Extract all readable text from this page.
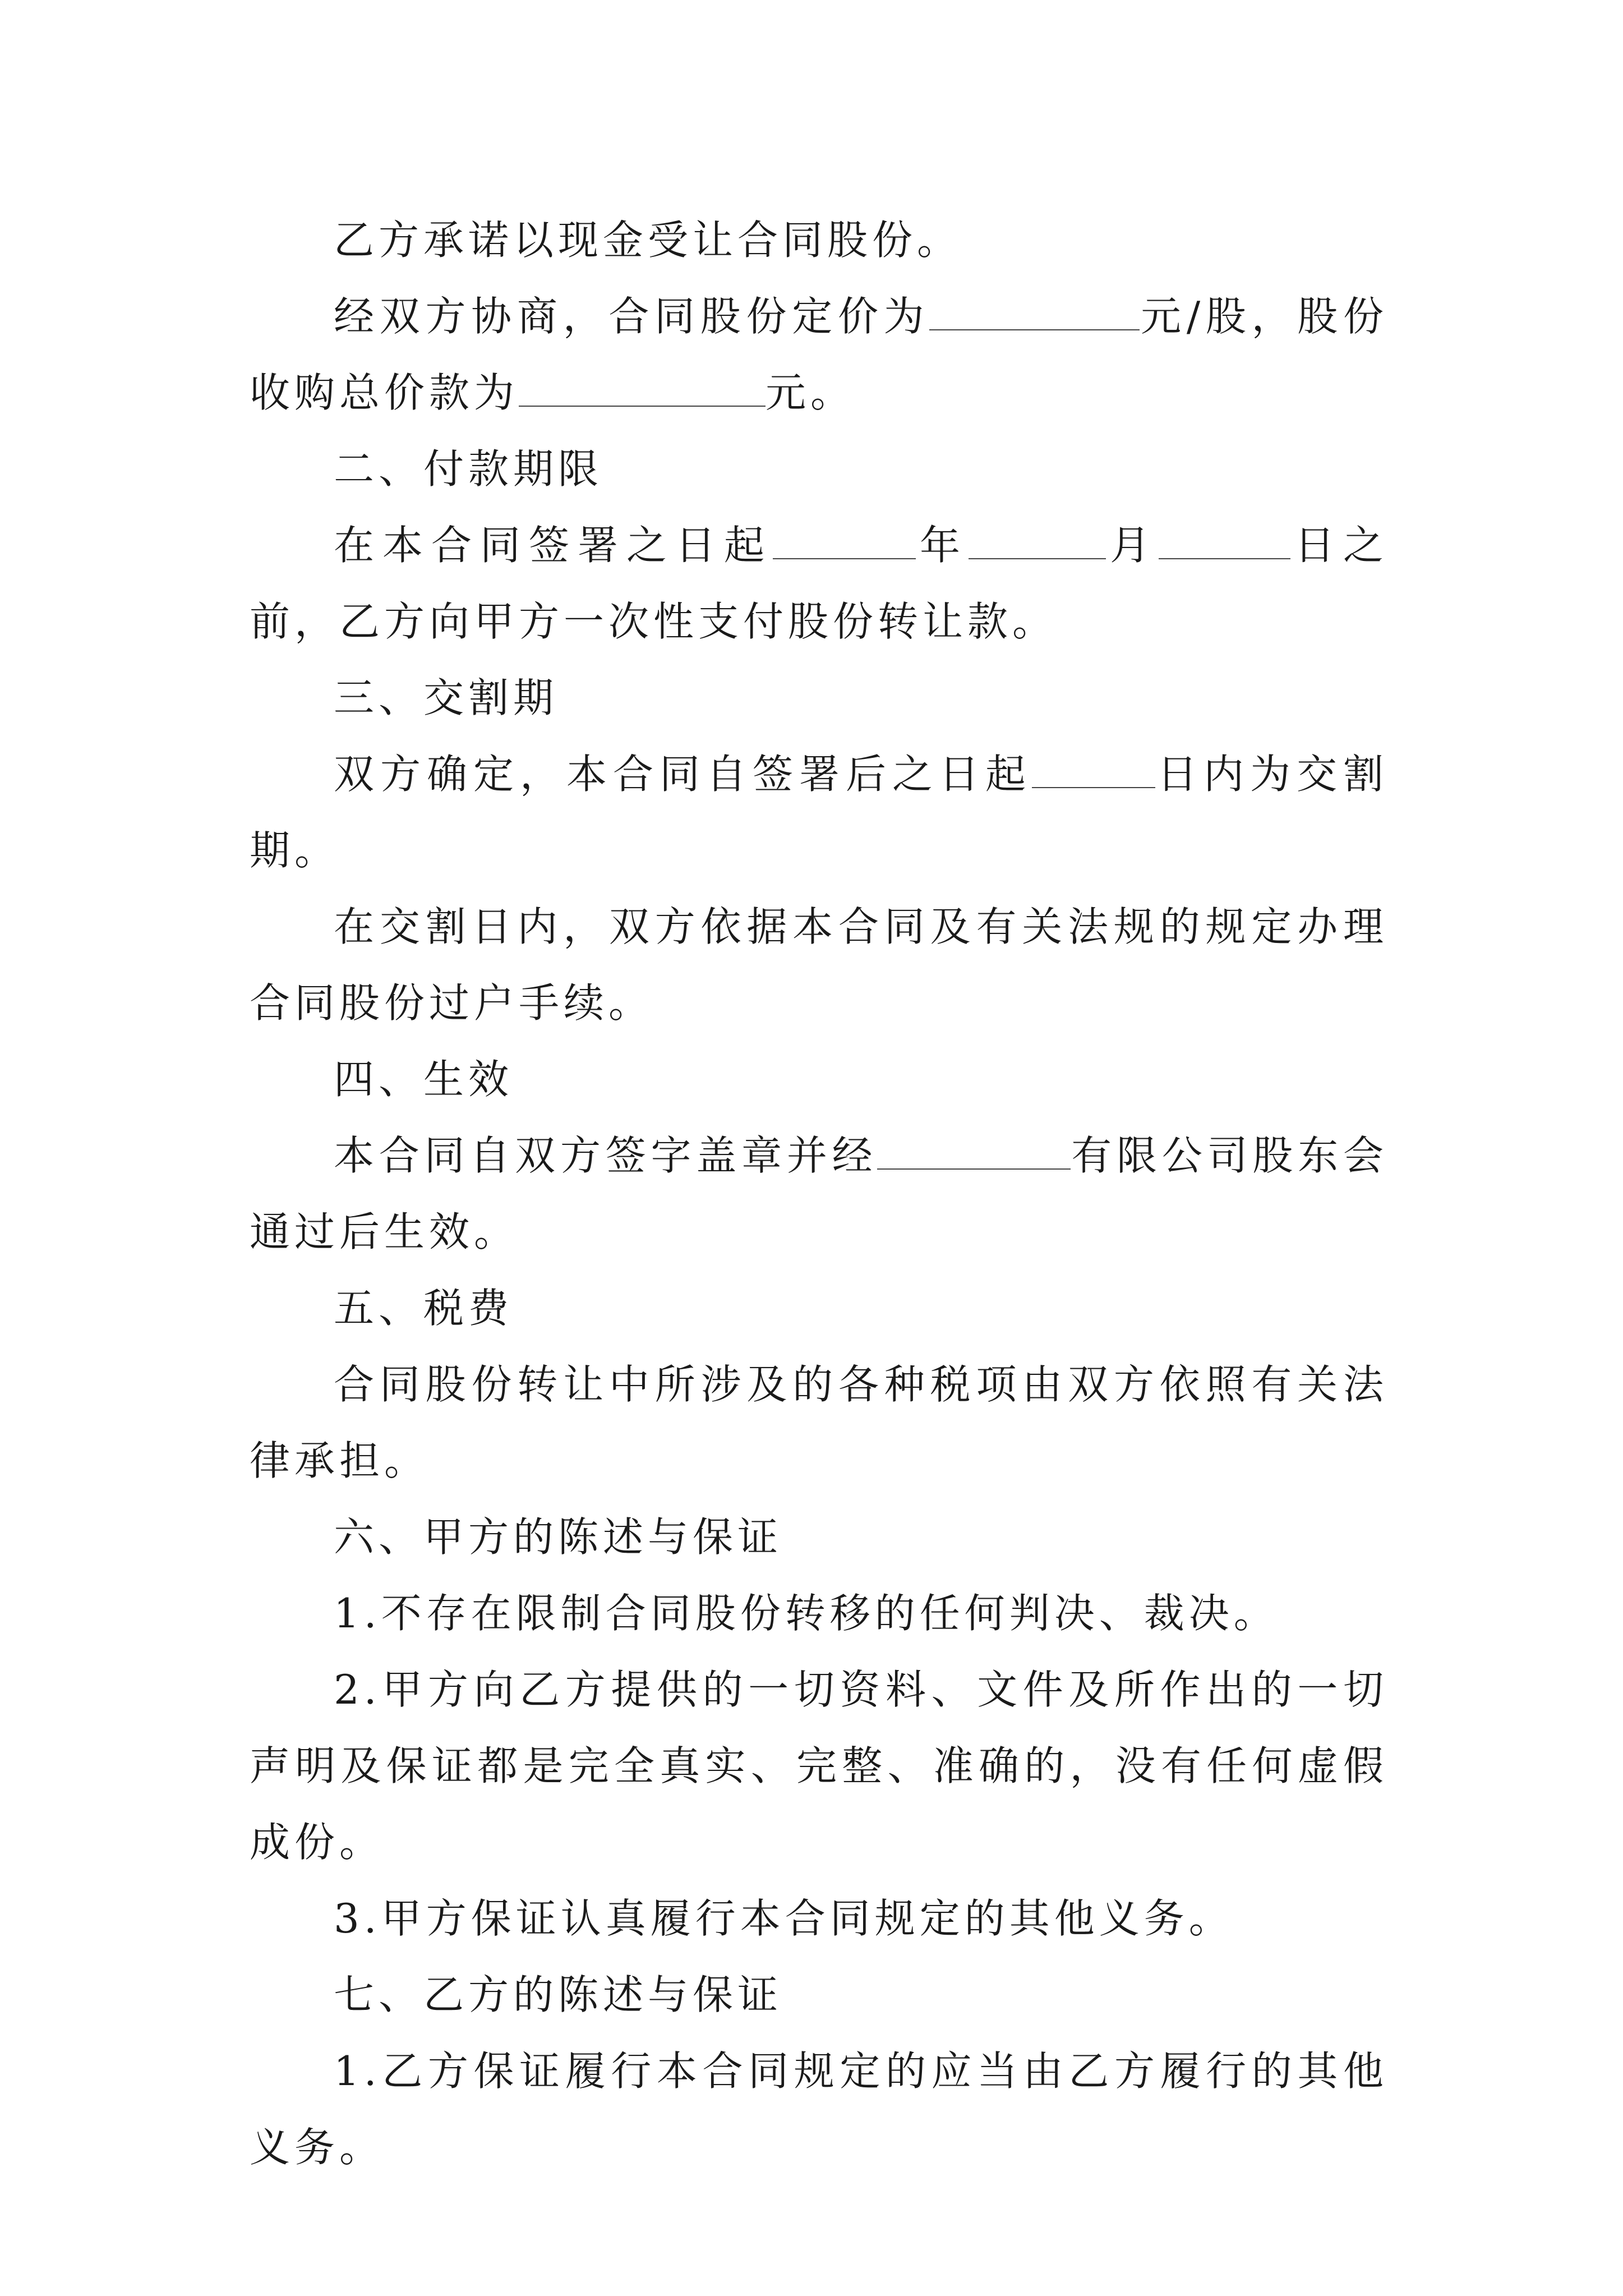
乙方承诺以现金受让合同股份。

经双方协商，合同股份定价为	元/股，股份收购总价款为	元。

二、付款期限

在本合同签署之日起	年	月	日之前，乙方向甲方一次性支付股份转让款。

三、交割期

双方确定，本合同自签署后之日起	日内为交割期。

在交割日内，双方依据本合同及有关法规的规定办理合同股份过户手续。

四、生效

本合同自双方签字盖章并经	有限公司股东会通过后生效。

五、税费

合同股份转让中所涉及的各种税项由双方依照有关法律承担。

六、甲方的陈述与保证

1.不存在限制合同股份转移的任何判决、裁决。

2.甲方向乙方提供的一切资料、文件及所作出的一切声明及保证都是完全真实、完整、准确的，没有任何虚假成份。

3.甲方保证认真履行本合同规定的其他义务。

七、乙方的陈述与保证

1.乙方保证履行本合同规定的应当由乙方履行的其他义务。
